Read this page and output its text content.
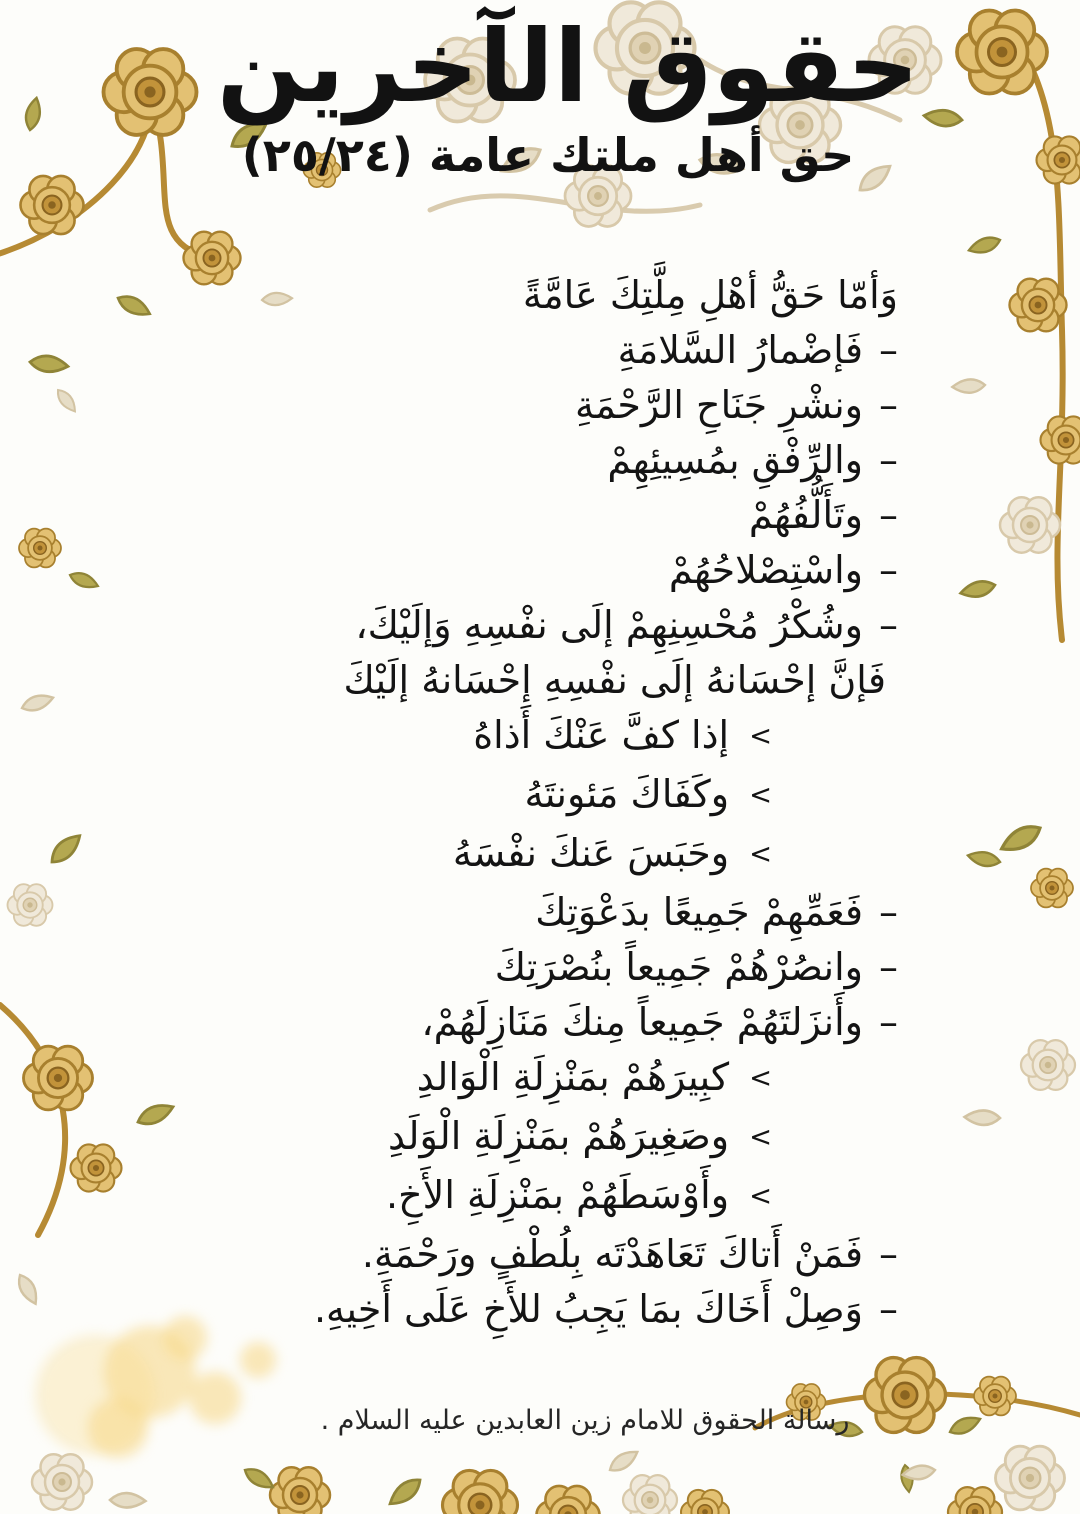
حقوق الآخرين
حق أهل ملتك عامة (٢٥/٢٤)
وَأمّا حَقُّ أهْلِ مِلَّتِكَ عَامَّةً
–فَإضْمارُ السَّلامَةِ
–ونشْرِ جَنَاحِ الرَّحْمَةِ
–والرِّفْقِ بمُسِيئِهِمْ
–وتَأَلُّفُهُمْ
–واسْتِصْلاحُهُمْ
–وشُكْرُ مُحْسِنِهِمْ إلَى نفْسِهِ وَإلَيْكَ،
فَإنَّ إحْسَانهُ إلَى نفْسِهِ إحْسَانهُ إلَيْكَ
<إذا كفَّ عَنْكَ أَذاهُ
<وكَفَاكَ مَئونتَهُ
<وحَبَسَ عَنكَ نفْسَهُ
–فَعَمِّهِمْ جَمِيعًا بدَعْوَتِكَ
–وانصُرْهُمْ جَمِيعاً بنُصْرَتِكَ
–وأَنزَلتَهُمْ جَمِيعاً مِنكَ مَنَازِلَهُمْ،
<كبِيرَهُمْ بمَنْزِلَةِ الْوَالدِ
<وصَغِيرَهُمْ بمَنْزِلَةِ الْوَلَدِ
<وأَوْسَطَهُمْ بمَنْزِلَةِ الأَخِ.
–فَمَنْ أَتاكَ تَعَاهَدْتَه بِلُطْفٍ ورَحْمَةِ.
–وَصِلْ أَخَاكَ بمَا يَجِبُ للأَخِ عَلَى أَخِيهِ.
رسالة الحقوق للامام زين العابدين عليه السلام .
